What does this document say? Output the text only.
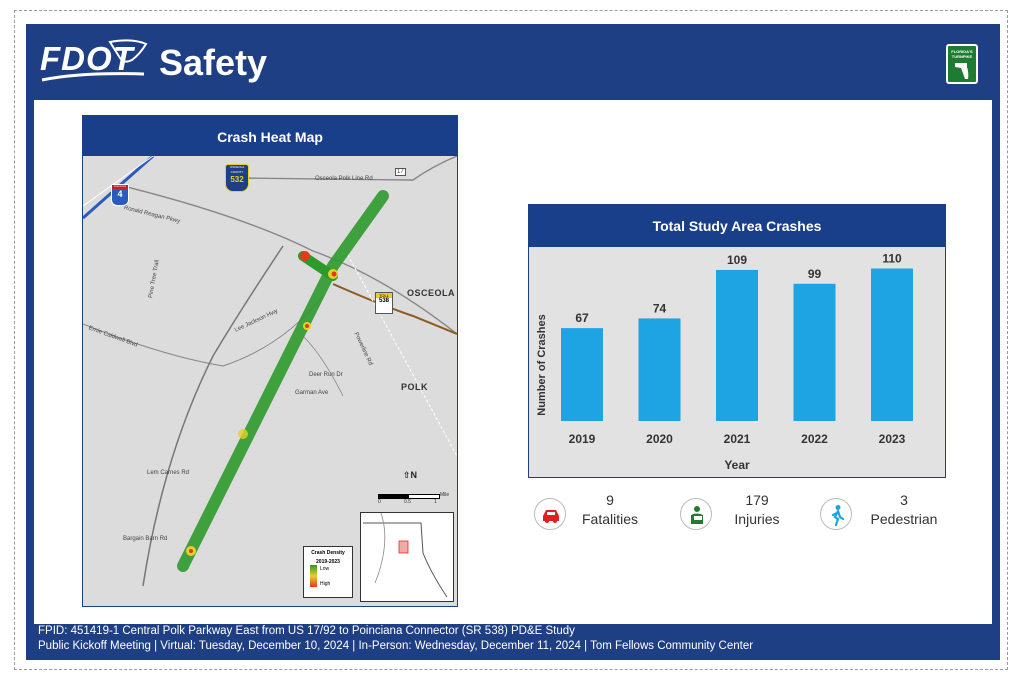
FDOT Safety	FLORIDA'S TURNPIKE
Crash Heat Map
Osceola Polk Line Rd
Ronald Reagan Pkwy
Pine Tree Trail
Ernie Caldwell Blvd
Lee Jackson Hwy
Powerline Rd
Deer Run Dr
Garman Ave
Lem Carnes Rd
Bargain Barn Rd
17
OSCEOLA COUNTY
532
INTERSTATE
4
TOLL
538
OSCEOLA
POLK
⇧N
0	0.5	1
Mile
Crash Density
2019-2023
Low
High
Total Study Area Crashes
67
2019
74
2020
109
2021
99
2022
110
2023
Year
Number of Crashes
9
Fatalities
179
Injuries
3
Pedestrian
FPID: 451419-1 Central Polk Parkway East from US 17/92 to Poinciana Connector (SR 538) PD&E Study
Public Kickoff Meeting | Virtual: Tuesday, December 10, 2024 | In-Person: Wednesday, December 11, 2024 | Tom Fellows Community Center
